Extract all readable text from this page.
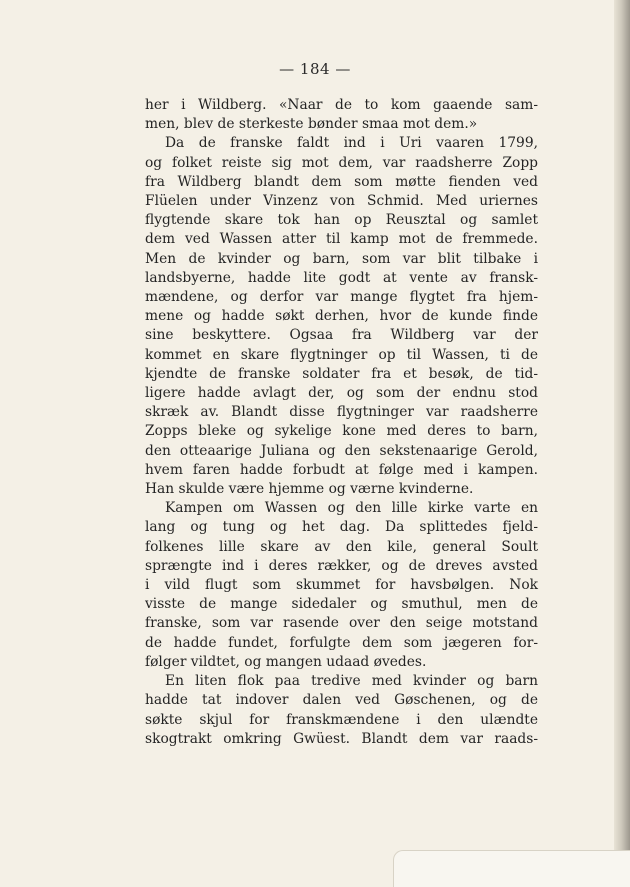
— 184 —
her i Wildberg. «Naar de to kom gaaende sam-
men, blev de sterkeste bønder smaa mot dem.»
Da de franske faldt ind i Uri vaaren 1799,
og folket reiste sig mot dem, var raadsherre Zopp
fra Wildberg blandt dem som møtte fienden ved
Flüelen under Vinzenz von Schmid. Med uriernes
flygtende skare tok han op Reusztal og samlet
dem ved Wassen atter til kamp mot de fremmede.
Men de kvinder og barn, som var blit tilbake i
landsbyerne, hadde lite godt at vente av fransk-
mændene, og derfor var mange flygtet fra hjem-
mene og hadde søkt derhen, hvor de kunde finde
sine beskyttere. Ogsaa fra Wildberg var der
kommet en skare flygtninger op til Wassen, ti de
kjendte de franske soldater fra et besøk, de tid-
ligere hadde avlagt der, og som der endnu stod
skræk av. Blandt disse flygtninger var raadsherre
Zopps bleke og sykelige kone med deres to barn,
den otteaarige Juliana og den sekstenaarige Gerold,
hvem faren hadde forbudt at følge med i kampen.
Han skulde være hjemme og værne kvinderne.
Kampen om Wassen og den lille kirke varte en
lang og tung og het dag. Da splittedes fjeld-
folkenes lille skare av den kile, general Soult
sprængte ind i deres rækker, og de dreves avsted
i vild flugt som skummet for havsbølgen. Nok
visste de mange sidedaler og smuthul, men de
franske, som var rasende over den seige motstand
de hadde fundet, forfulgte dem som jægeren for-
følger vildtet, og mangen udaad øvedes.
En liten flok paa tredive med kvinder og barn
hadde tat indover dalen ved Gøschenen, og de
søkte skjul for franskmændene i den ulændte
skogtrakt omkring Gwüest. Blandt dem var raads-
